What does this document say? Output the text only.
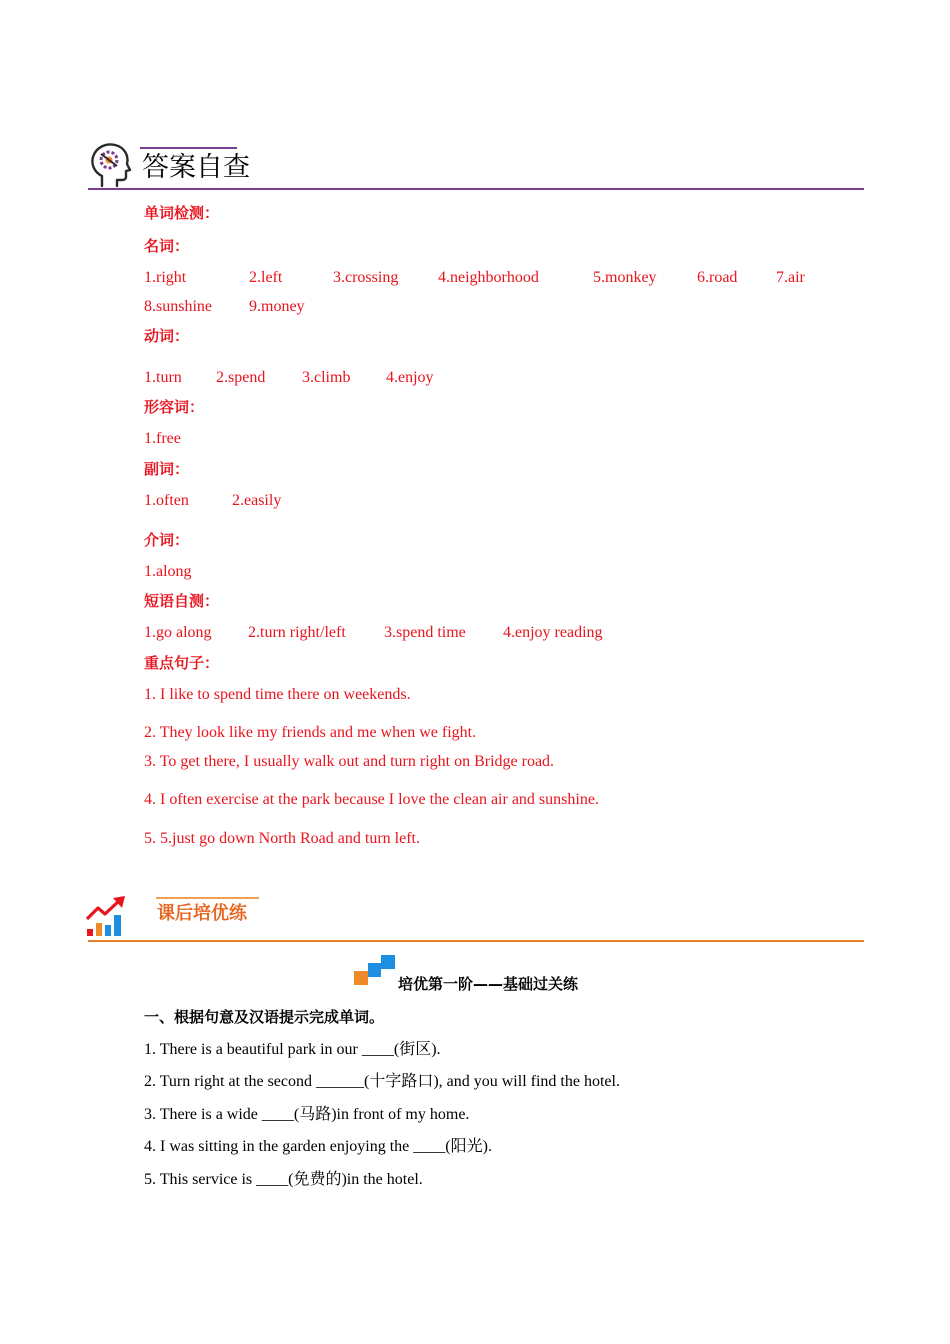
答案自查
单词检测：
名词：
1.right	2.left	3.crossing 4.neighborhood	5.monkey	6.road 7.air
8.sunshine 9.money
动词：
1.turn 2.spend 3.climb 4.enjoy
形容词：
1.free
副词：
1.often	2.easily
介词：
1.along
短语自测：
1.go along 2.turn right/left 3.spend time 4.enjoy reading
重点句子：
1. I like to spend time there on weekends.
2. They look like my friends and me when we fight.
3. To get there, I usually walk out and turn right on Bridge road.
4. I often exercise at the park because I love the clean air and sunshine.
5. 5.just go down North Road and turn left.
课后培优练
培优第一阶——基础过关练
一、根据句意及汉语提示完成单词。
1. There is a beautiful park in our ____(街区).
2. Turn right at the second ______(十字路口), and you will find the hotel.
3. There is a wide ____(马路)in front of my home.
4. I was sitting in the garden enjoying the ____(阳光).
5. This service is ____(免费的)in the hotel.
